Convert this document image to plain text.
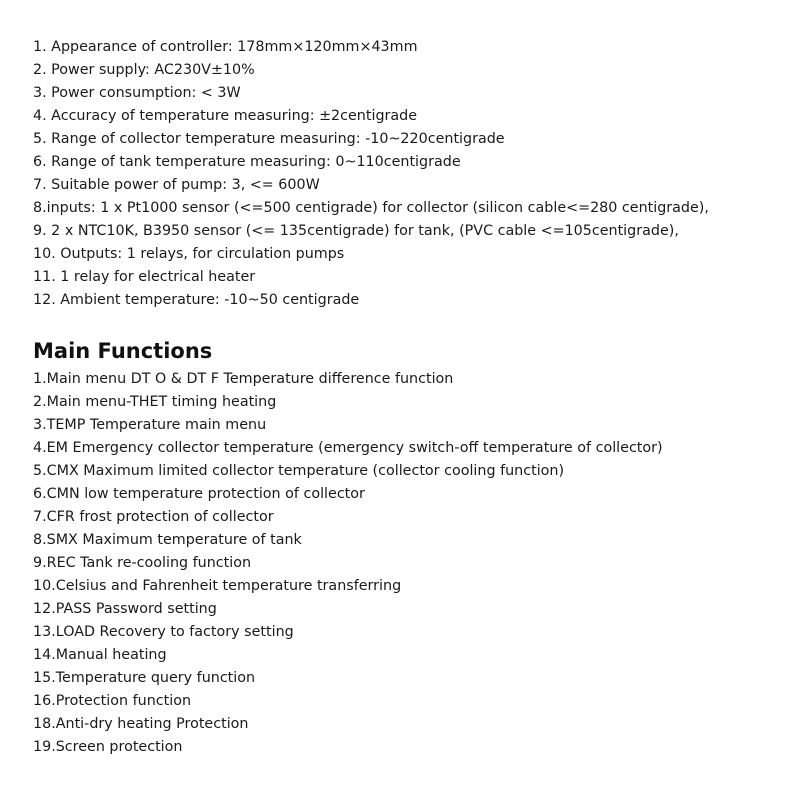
1. Appearance of controller: 178mm×120mm×43mm
2. Power supply: AC230V±10%
3. Power consumption: < 3W
4. Accuracy of temperature measuring: ±2centigrade
5. Range of collector temperature measuring: -10~220centigrade
6. Range of tank temperature measuring: 0~110centigrade
7. Suitable power of pump: 3, <= 600W
8.inputs: 1 x Pt1000 sensor (<=500 centigrade) for collector (silicon cable<=280 centigrade),
9. 2 x NTC10K, B3950 sensor (<= 135centigrade) for tank, (PVC cable <=105centigrade),
10. Outputs: 1 relays, for circulation pumps
11. 1 relay for electrical heater
12. Ambient temperature: -10~50 centigrade
Main Functions
1.Main menu DT O & DT F Temperature difference function
2.Main menu-THET timing heating
3.TEMP Temperature main menu
4.EM Emergency collector temperature (emergency switch-off temperature of collector)
5.CMX Maximum limited collector temperature (collector cooling function)
6.CMN low temperature protection of collector
7.CFR frost protection of collector
8.SMX Maximum temperature of tank
9.REC Tank re-cooling function
10.Celsius and Fahrenheit temperature transferring
12.PASS Password setting
13.LOAD Recovery to factory setting
14.Manual heating
15.Temperature query function
16.Protection function
18.Anti-dry heating Protection
19.Screen protection
